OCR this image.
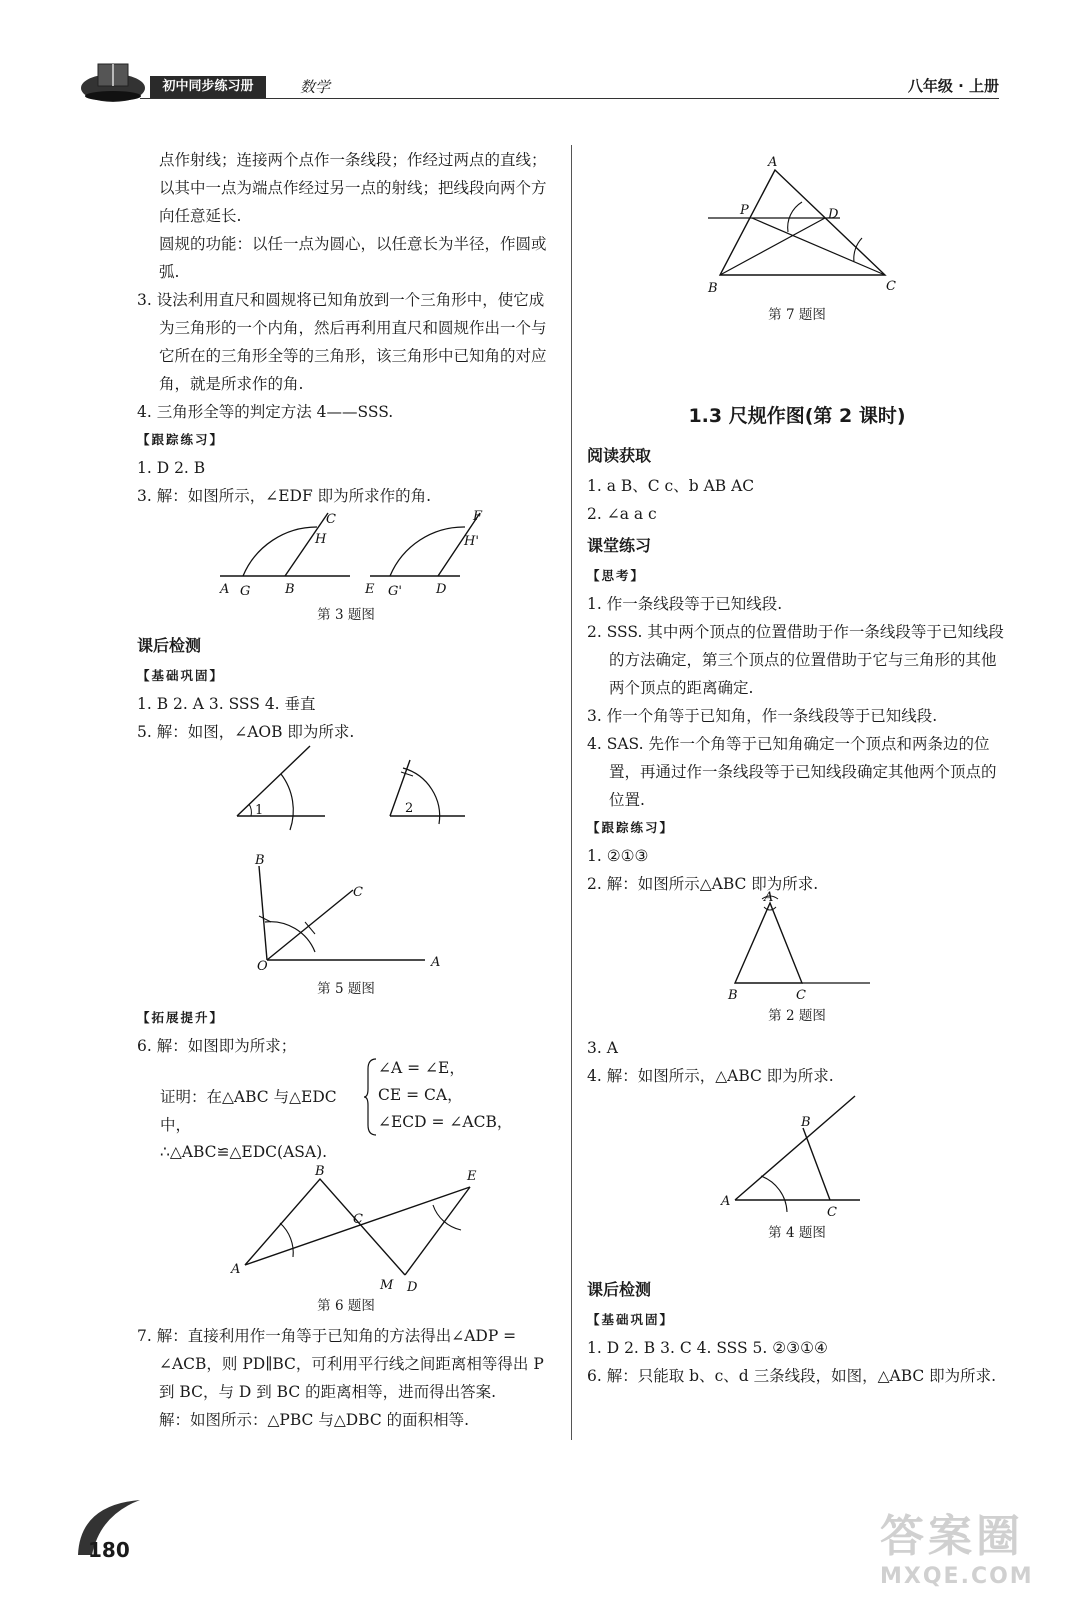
初中同步练习册	数学	八年级 · 上册

点作射线；连接两个点作一条线段；作经过两点的直线；以其中一点为端点作经过另一点的射线；把线段向两个方向任意延长.

圆规的功能：以任一点为圆心，以任意长为半径，作圆或弧.

3. 设法利用直尺和圆规将已知角放到一个三角形中，使它成为三角形的一个内角，然后再利用直尺和圆规作出一个与它所在的三角形全等的三角形，该三角形中已知角的对应角，就是所求作的角.

4. 三角形全等的判定方法 4——SSS.

【跟踪练习】

1. D 2. B

3. 解：如图所示，∠EDF 即为所求作的角.

C
H
A G	B
F
H'
E G'	D
第 3 题图

课后检测

【基础巩固】

1. B 2. A 3. SSS 4. 垂直

5. 解：如图，∠AOB 即为所求.

1	2
B
C
O	A
第 5 题图

【拓展提升】

6. 解：如图即为所求；

证明：在△ABC 与△EDC 中，

∠A = ∠E，

CE = CA，

∠ECD = ∠ACB，

∴△ABC≌△EDC(ASA).
B	E
C
A
M D
第 6 题图

7. 解：直接利用作一角等于已知角的方法得出∠ADP = ∠ACB，则 PD∥BC，可利用平行线之间距离相等得出 P 到 BC，与 D 到 BC 的距离相等，进而得出答案.

解：如图所示：△PBC 与△DBC 的面积相等.

A
P	D
B	C
第 7 题图
1.3 尺规作图(第 2 课时)

阅读获取

1. a B、C c、b AB AC

2. ∠a a c

课堂练习

【思考】

1. 作一条线段等于已知线段.

2. SSS. 其中两个顶点的位置借助于作一条线段等于已知线段的方法确定，第三个顶点的位置借助于它与三角形的其他两个顶点的距离确定.

3. 作一个角等于已知角，作一条线段等于已知线段.

4. SAS. 先作一个角等于已知角确定一个顶点和两条边的位置，再通过作一条线段等于已知线段确定其他两个顶点的位置.

【跟踪练习】

1. ②①③

2. 解：如图所示△ABC 即为所求.

A
B	C
第 2 题图

3. A

4. 解：如图所示，△ABC 即为所求.

B
A
C
第 4 题图

课后检测

【基础巩固】

1. D 2. B 3. C 4. SSS 5. ②③①④

6. 解：只能取 b、c、d 三条线段，如图，△ABC 即为所求.

180	答案圈
MXQE.COM
